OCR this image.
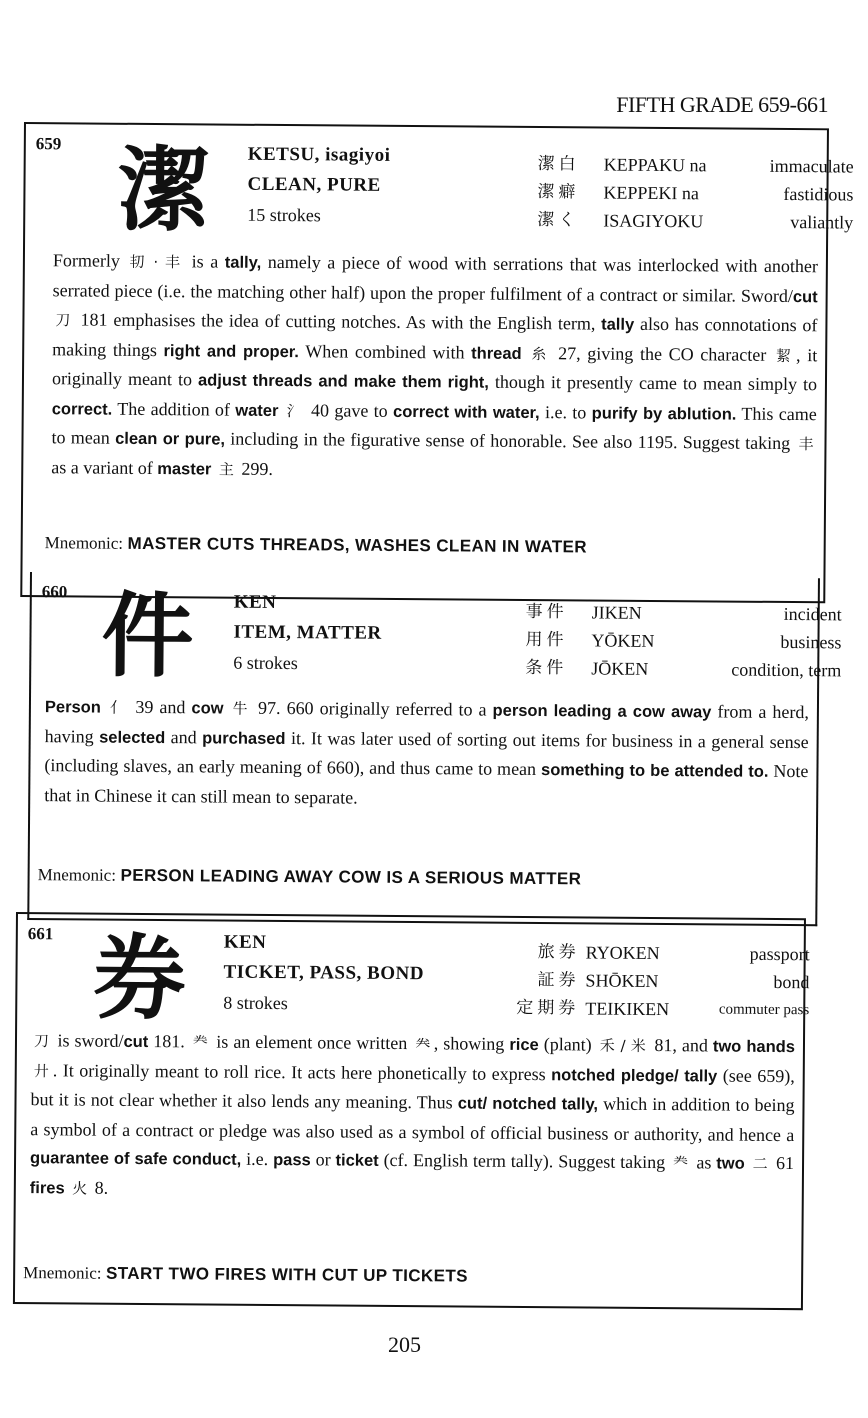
FIFTH GRADE 659-661
659 潔 KETSU, isagiyoi
CLEAN, PURE
15 strokes
潔白	KEPPAKU na	immaculate
潔癖	KEPPEKI na	fastidious
潔く	ISAGIYOKU	valiantly
Formerly 㓞 · 丰 is a tally, namely a piece of wood with serrations that was interlocked with another serrated piece (i.e. the matching other half) upon the proper fulfilment of a contract or similar. Sword/cut 刀 181 emphasises the idea of cutting notches. As with the English term, tally also has connotations of making things right and proper. When combined with thread 糸 27, giving the CO character 絜 , it originally meant to adjust threads and make them right, though it presently came to mean simply to correct. The addition of water 氵 40 gave to correct with water, i.e. to purify by ablution. This came to mean clean or pure, including in the figurative sense of honorable. See also 1195. Suggest taking 丰 as a variant of master 主 299.
Mnemonic: MASTER CUTS THREADS, WASHES CLEAN IN WATER
660 件 KEN
ITEM, MATTER
6 strokes
事件	JIKEN	incident
用件	YŌKEN	business
条件	JŌKEN	condition, term
Person 亻 39 and cow 牛 97. 660 originally referred to a person leading a cow away from a herd, having selected and purchased it. It was later used of sorting out items for business in a general sense (including slaves, an early meaning of 660), and thus came to mean something to be attended to. Note that in Chinese it can still mean to separate.
Mnemonic: PERSON LEADING AWAY COW IS A SERIOUS MATTER
661 券 KEN
TICKET, PASS, BOND
8 strokes
旅券 RYOKEN	passport
証券 SHŌKEN	bond
定期券 TEIKIKEN	commuter pass
刀 is sword/cut 181. 龹 is an element once written 𠔉 , showing rice (plant) 禾 / 米 81, and two hands 廾 . It originally meant to roll rice. It acts here phonetically to express notched pledge/ tally (see 659), but it is not clear whether it also lends any meaning. Thus cut/ notched tally, which in addition to being a symbol of a contract or pledge was also used as a symbol of official business or authority, and hence a guarantee of safe conduct, i.e. pass or ticket (cf. English term tally). Suggest taking 龹 as two 二 61 fires 火 8.
Mnemonic: START TWO FIRES WITH CUT UP TICKETS
205
